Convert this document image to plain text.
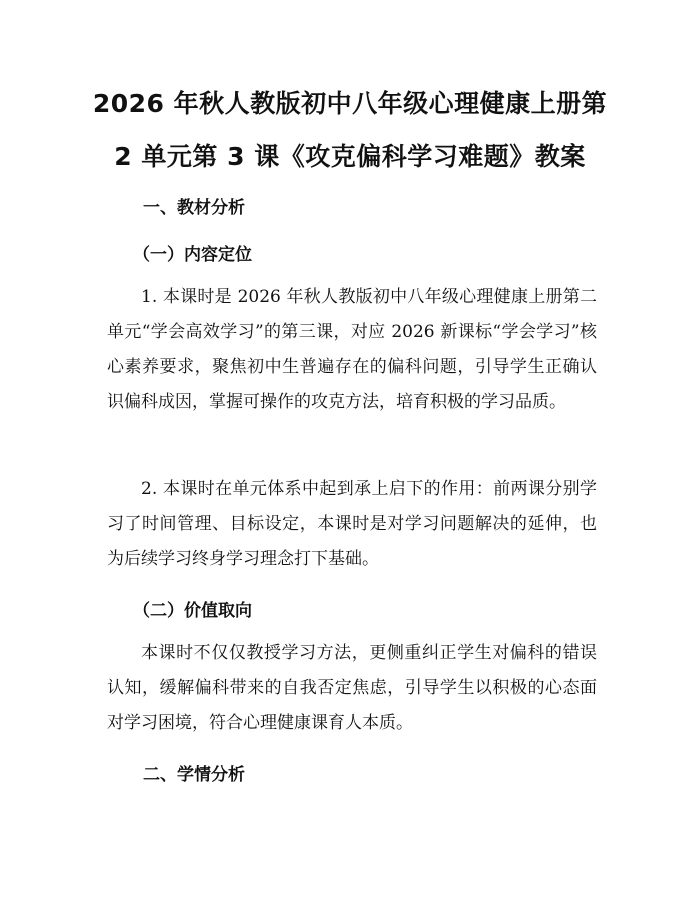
2026 年秋人教版初中八年级心理健康上册第
2 单元第 3 课《攻克偏科学习难题》教案
一、教材分析
（一）内容定位

1. 本课时是 2026 年秋人教版初中八年级心理健康上册第二单元“学会高效学习”的第三课，对应 2026 新课标“学会学习”核心素养要求，聚焦初中生普遍存在的偏科问题，引导学生正确认识偏科成因，掌握可操作的攻克方法，培育积极的学习品质。

2. 本课时在单元体系中起到承上启下的作用：前两课分别学习了时间管理、目标设定，本课时是对学习问题解决的延伸，也为后续学习终身学习理念打下基础。

（二）价值取向

本课时不仅仅教授学习方法，更侧重纠正学生对偏科的错误认知，缓解偏科带来的自我否定焦虑，引导学生以积极的心态面对学习困境，符合心理健康课育人本质。

二、学情分析
